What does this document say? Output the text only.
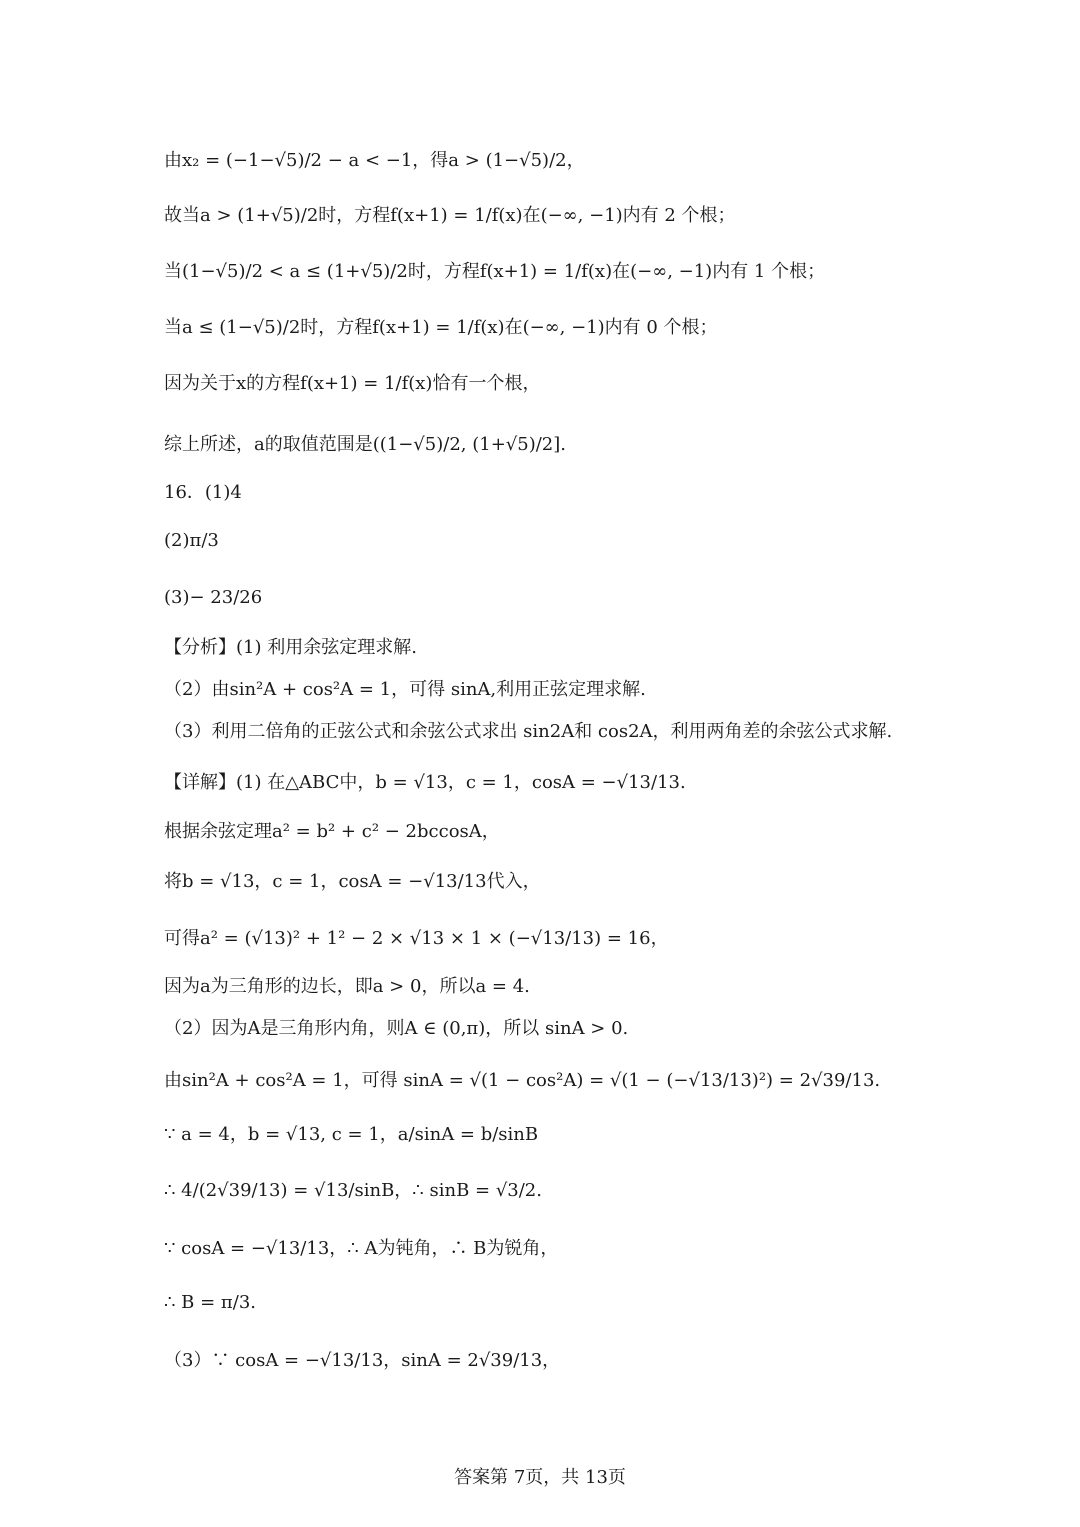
由x₂ = (−1−√5)/2 − a < −1，得a > (1−√5)/2，
故当a > (1+√5)/2时，方程f(x+1) = 1/f(x)在(−∞, −1)内有 2 个根；
当(1−√5)/2 < a ≤ (1+√5)/2时，方程f(x+1) = 1/f(x)在(−∞, −1)内有 1 个根；
当a ≤ (1−√5)/2时，方程f(x+1) = 1/f(x)在(−∞, −1)内有 0 个根；
因为关于x的方程f(x+1) = 1/f(x)恰有一个根，
综上所述，a的取值范围是((1−√5)/2, (1+√5)/2].
16．(1)4
(2)π/3
(3)− 23/26
【分析】(1) 利用余弦定理求解.
（2）由sin²A + cos²A = 1，可得 sinA,利用正弦定理求解.
（3）利用二倍角的正弦公式和余弦公式求出 sin2A和 cos2A，利用两角差的余弦公式求解.
【详解】(1) 在△ABC中，b = √13，c = 1，cosA = −√13/13.
根据余弦定理a² = b² + c² − 2bccosA，
将b = √13，c = 1，cosA = −√13/13代入，
可得a² = (√13)² + 1² − 2 × √13 × 1 × (−√13/13) = 16，
因为a为三角形的边长，即a > 0，所以a = 4.
（2）因为A是三角形内角，则A ∈ (0,π)，所以 sinA > 0.
由sin²A + cos²A = 1，可得 sinA = √(1 − cos²A) = √(1 − (−√13/13)²) = 2√39/13.
∵ a = 4，b = √13, c = 1，a/sinA = b/sinB
∴ 4/(2√39/13) = √13/sinB，∴ sinB = √3/2.
∵ cosA = −√13/13，∴ A为钝角，∴ B为锐角，
∴ B = π/3.
（3）∵ cosA = −√13/13，sinA = 2√39/13，
答案第 7页，共 13页
